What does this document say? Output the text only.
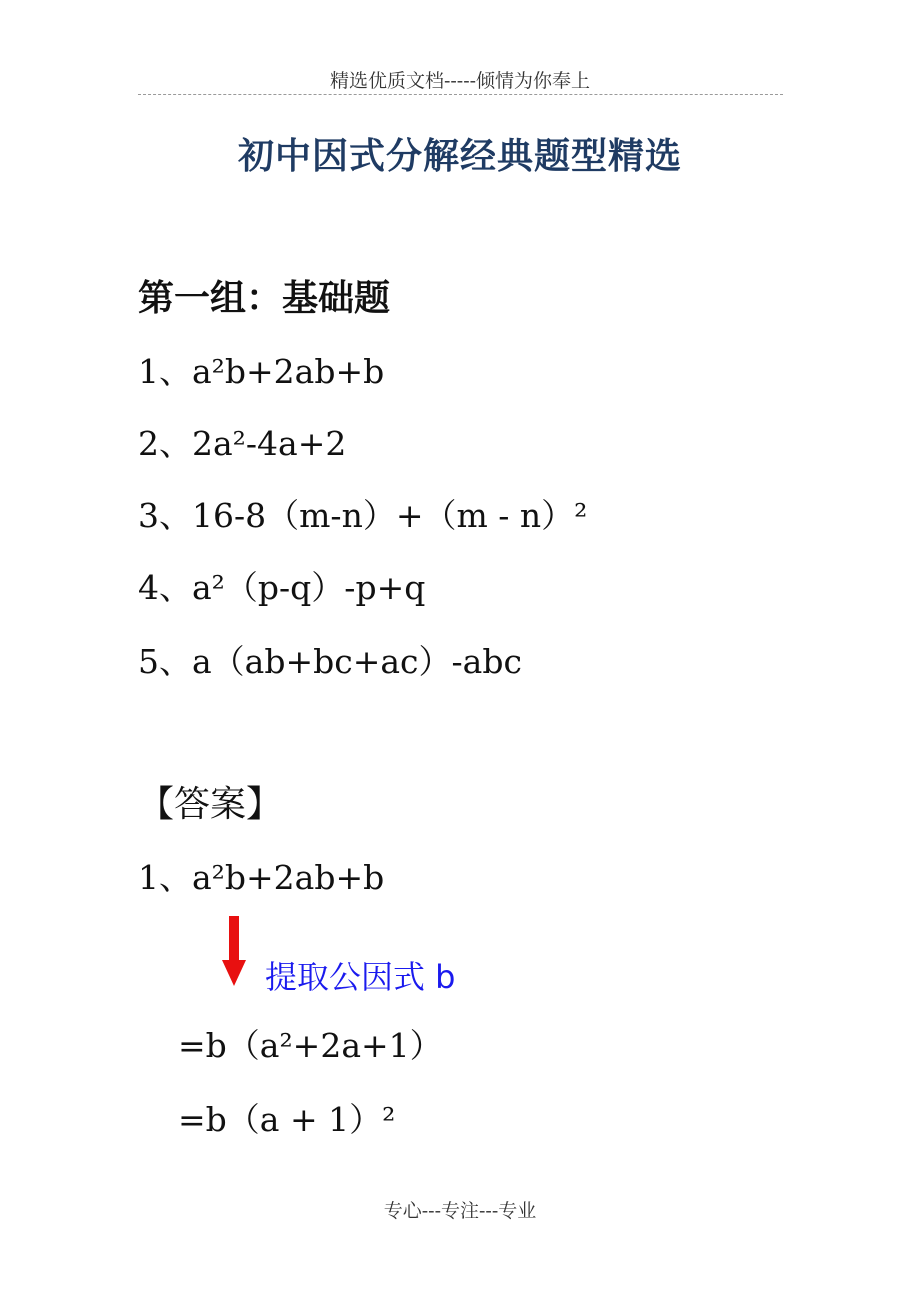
精选优质文档-----倾情为你奉上
初中因式分解经典题型精选
第一组：基础题
1、a²b+2ab+b
2、2a²-4a+2
3、16-8（m-n）+（m - n）²
4、a²（p-q）-p+q
5、a（ab+bc+ac）-abc
【答案】
1、a²b+2ab+b
提取公因式 b
=b（a²+2a+1）
=b（a + 1）²
专心---专注---专业
